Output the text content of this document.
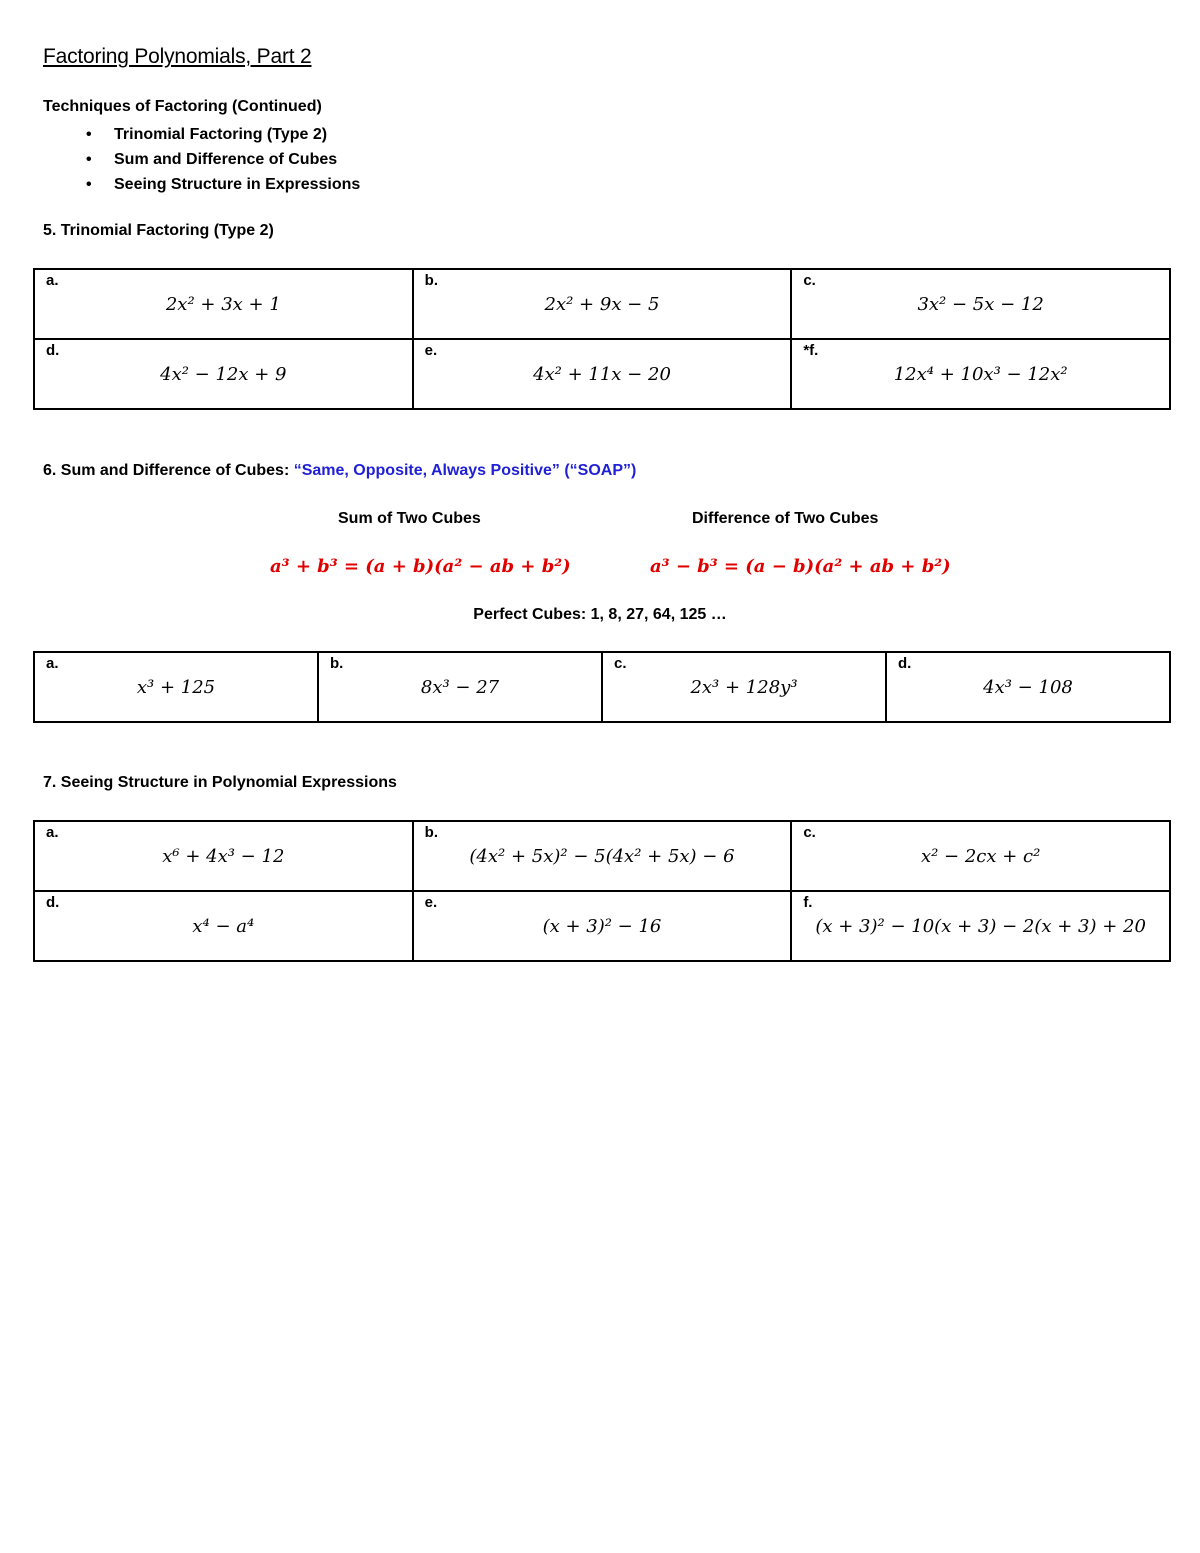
Factoring Polynomials, Part 2
Techniques of Factoring (Continued)
• Trinomial Factoring (Type 2)
• Sum and Difference of Cubes
• Seeing Structure in Expressions
5. Trinomial Factoring (Type 2)
a.
2x² + 3x + 1	b.
2x² + 9x − 5	c.
3x² − 5x − 12

d.
4x² − 12x + 9	e.
4x² + 11x − 20	*f.
12x⁴ + 10x³ − 12x²
6. Sum and Difference of Cubes: “Same, Opposite, Always Positive” (“SOAP”)
Sum of Two Cubes	Difference of Two Cubes
a³ + b³ = (a + b)(a² − ab + b²)	a³ − b³ = (a − b)(a² + ab + b²)
Perfect Cubes: 1, 8, 27, 64, 125 …
a.
x³ + 125

b.
8x³ − 27

c.
2x³ + 128y³

d.
4x³ − 108
7. Seeing Structure in Polynomial Expressions
a.
x⁶ + 4x³ − 12	b.
(4x² + 5x)² − 5(4x² + 5x) − 6	c.
x² − 2cx + c²

d.
x⁴ − a⁴	e.
(x + 3)² − 16	f.
(x + 3)² − 10(x + 3) − 2(x + 3) + 20
